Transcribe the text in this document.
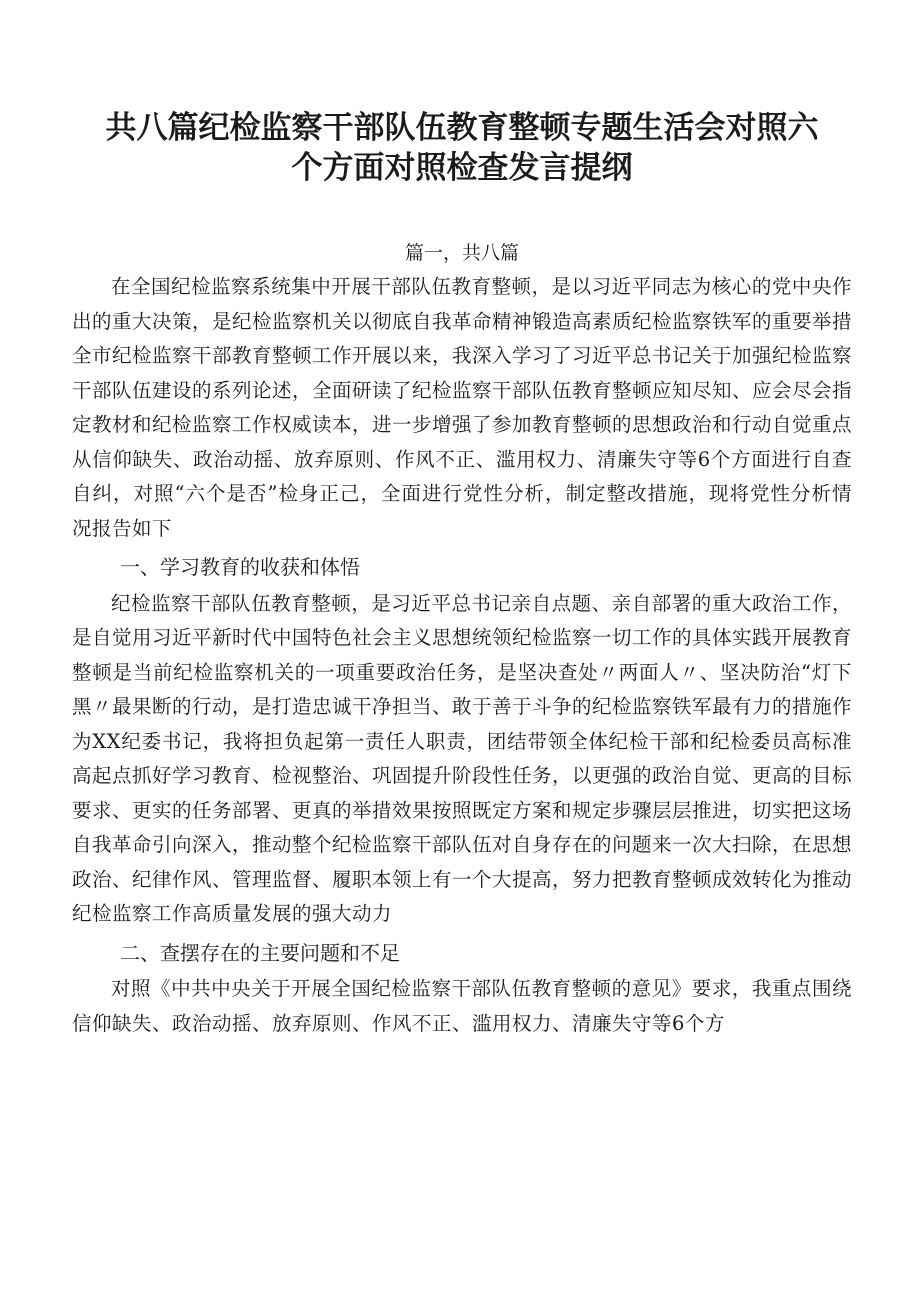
共八篇纪检监察干部队伍教育整顿专题生活会对照六个方面对照检查发言提纲
篇一，共八篇

在全国纪检监察系统集中开展干部队伍教育整顿，是以习近平同志为核心的党中央作出的重大决策，是纪检监察机关以彻底自我革命精神锻造高素质纪检监察铁军的重要举措全市纪检监察干部教育整顿工作开展以来，我深入学习了习近平总书记关于加强纪检监察干部队伍建设的系列论述，全面研读了纪检监察干部队伍教育整顿应知尽知、应会尽会指定教材和纪检监察工作权威读本，进一步增强了参加教育整顿的思想政治和行动自觉重点从信仰缺失、政治动摇、放弃原则、作风不正、滥用权力、清廉失守等6个方面进行自查自纠，对照“六个是否”检身正己，全面进行党性分析，制定整改措施，现将党性分析情况报告如下

一、学习教育的收获和体悟

纪检监察干部队伍教育整顿，是习近平总书记亲自点题、亲自部署的重大政治工作，是自觉用习近平新时代中国特色社会主义思想统领纪检监察一切工作的具体实践开展教育整顿是当前纪检监察机关的一项重要政治任务，是坚决查处〃两面人〃、坚决防治“灯下黑〃最果断的行动，是打造忠诚干净担当、敢于善于斗争的纪检监察铁军最有力的措施作为XX纪委书记，我将担负起第一责任人职责，团结带领全体纪检干部和纪检委员高标准高起点抓好学习教育、检视整治、巩固提升阶段性任务，以更强的政治自觉、更高的目标要求、更实的任务部署、更真的举措效果按照既定方案和规定步骤层层推进，切实把这场自我革命引向深入，推动整个纪检监察干部队伍对自身存在的问题来一次大扫除，在思想政治、纪律作风、管理监督、履职本领上有一个大提高，努力把教育整顿成效转化为推动纪检监察工作高质量发展的强大动力

二、查摆存在的主要问题和不足

对照《中共中央关于开展全国纪检监察干部队伍教育整顿的意见》要求，我重点围绕信仰缺失、政治动摇、放弃原则、作风不正、滥用权力、清廉失守等6个方
